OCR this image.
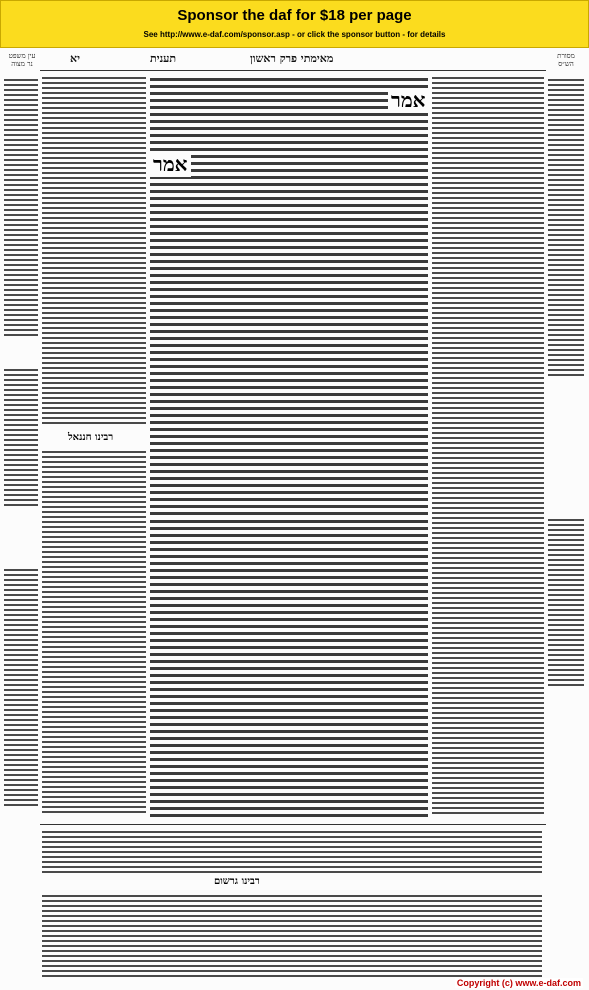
Sponsor the daf for $18 per page
See http://www.e-daf.com/sponsor.asp - or click the sponsor button - for details
יא	תענית	מאימתי פרק ראשון	מסורת
הש״ס
עין משפט
נר מצוה
רבינו חננאל
אמר
אמר
רבינו גרשום
Copyright (c) www.e-daf.com
